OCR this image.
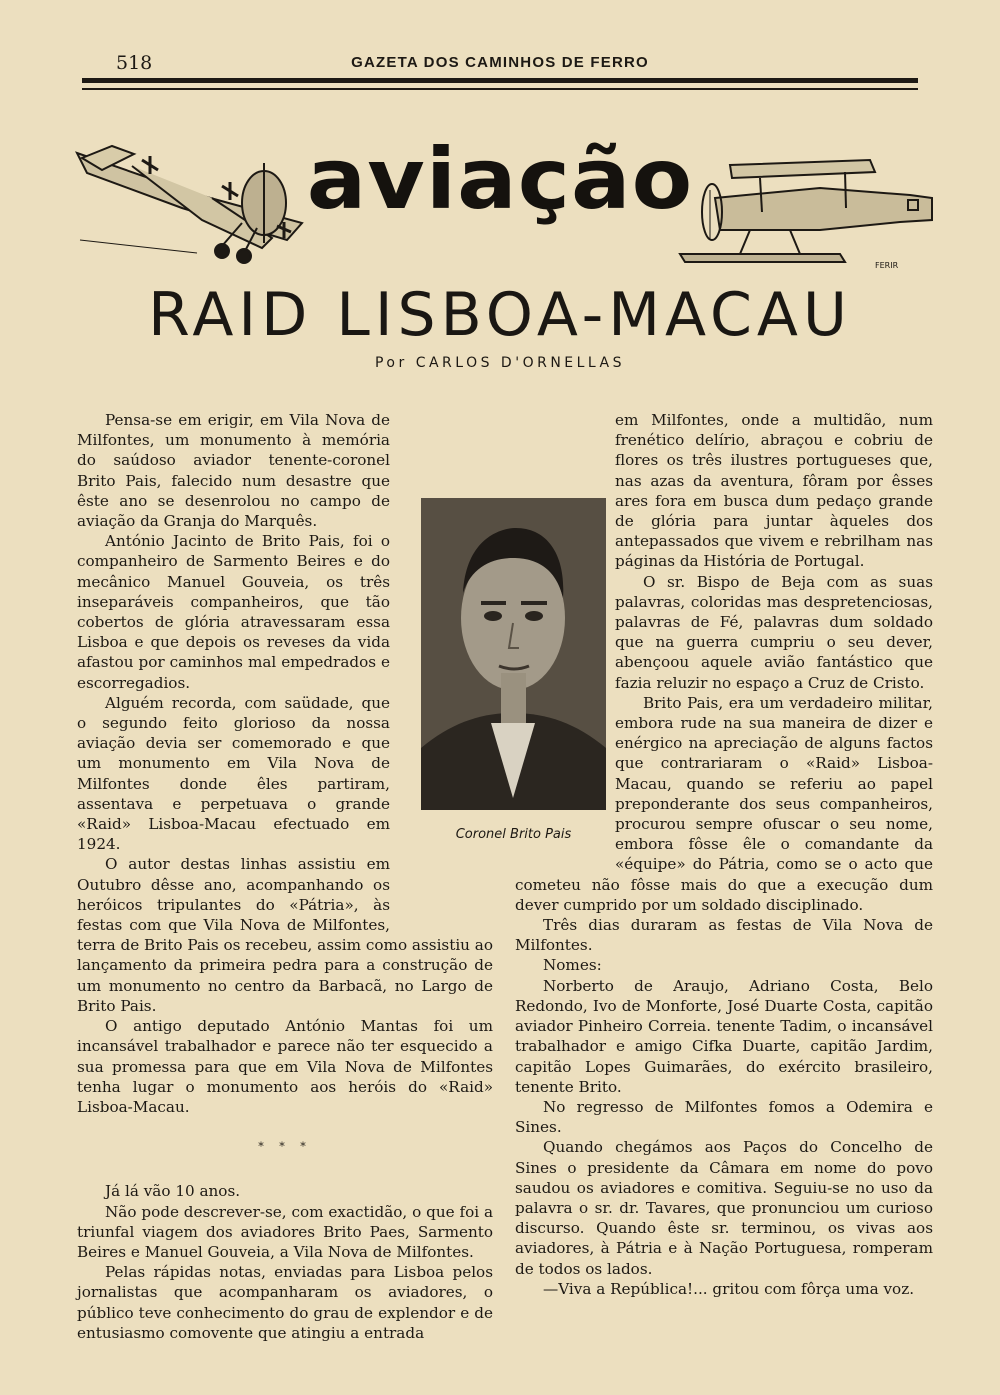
518	GAZETA DOS CAMINHOS DE FERRO
aviação
FERIR
RAID LISBOA-MACAU
Por CARLOS D'ORNELLAS
Coronel Brito Pais

Pensa-se em erigir, em Vila Nova de Milfontes, um monumento à memória do saúdoso aviador tenente-coronel Brito Pais, falecido num desastre que êste ano se desenrolou no campo de aviação da Granja do Marquês.

António Jacinto de Brito Pais, foi o companheiro de Sarmento Beires e do mecânico Manuel Gouveia, os três inseparáveis companheiros, que tão cobertos de glória atravessaram essa Lisboa e que depois os reveses da vida afastou por caminhos mal empedrados e escorregadios.

Alguém recorda, com saüdade, que o segundo feito glorioso da nossa aviação devia ser comemorado e que um monumento em Vila Nova de Milfontes donde êles partiram, assentava e perpetuava o grande «Raid» Lisboa-Macau efectuado em 1924.

O autor destas linhas assistiu em Outubro dêsse ano, acompanhando os heróicos tripulantes do «Pátria», às festas com que Vila Nova de Milfontes, terra de Brito Pais os recebeu, assim como assistiu ao lançamento da primeira pedra para a construção de um monumento no centro da Barbacã, no Largo de Brito Pais.

O antigo deputado António Mantas foi um incansável trabalhador e parece não ter esquecido a sua promessa para que em Vila Nova de Milfontes tenha lugar o monumento aos heróis do «Raid» Lisboa-Macau.

* * *

Já lá vão 10 anos.

Não pode descrever-se, com exactidão, o que foi a triunfal viagem dos aviadores Brito Paes, Sarmento Beires e Manuel Gouveia, a Vila Nova de Milfontes.

Pelas rápidas notas, enviadas para Lisboa pelos jornalistas que acompanharam os aviadores, o público teve conhecimento do grau de explendor e de entusiasmo comovente que atingiu a entrada

em Milfontes, onde a multidão, num frenético delírio, abraçou e cobriu de flores os três ilustres portugueses que, nas azas da aventura, fôram por êsses ares fora em busca dum pedaço grande de glória para juntar àqueles dos antepassados que vivem e rebrilham nas páginas da História de Portugal.

O sr. Bispo de Beja com as suas palavras, coloridas mas despretenciosas, palavras de Fé, palavras dum soldado que na guerra cumpriu o seu dever, abençoou aquele avião fantástico que fazia reluzir no espaço a Cruz de Cristo.

Brito Pais, era um verdadeiro militar, embora rude na sua maneira de dizer e enérgico na apreciação de alguns factos que contrariaram o «Raid» Lisboa-Macau, quando se referiu ao papel preponderante dos seus companheiros, procurou sempre ofuscar o seu nome, embora fôsse êle o comandante da «équipe» do Pátria, como se o acto que cometeu não fôsse mais do que a execução dum dever cumprido por um soldado disciplinado.

Três dias duraram as festas de Vila Nova de Milfontes.

Nomes:

Norberto de Araujo, Adriano Costa, Belo Redondo, Ivo de Monforte, José Duarte Costa, capitão aviador Pinheiro Correia. tenente Tadim, o incansável trabalhador e amigo Cifka Duarte, capitão Jardim, capitão Lopes Guimarães, do exército brasileiro, tenente Brito.

No regresso de Milfontes fomos a Odemira e Sines.

Quando chegámos aos Paços do Concelho de Sines o presidente da Câmara em nome do povo saudou os aviadores e comitiva. Seguiu-se no uso da palavra o sr. dr. Tavares, que pronunciou um curioso discurso. Quando êste sr. terminou, os vivas aos aviadores, à Pátria e à Nação Portuguesa, romperam de todos os lados.

—Viva a República!... gritou com fôrça uma voz.
